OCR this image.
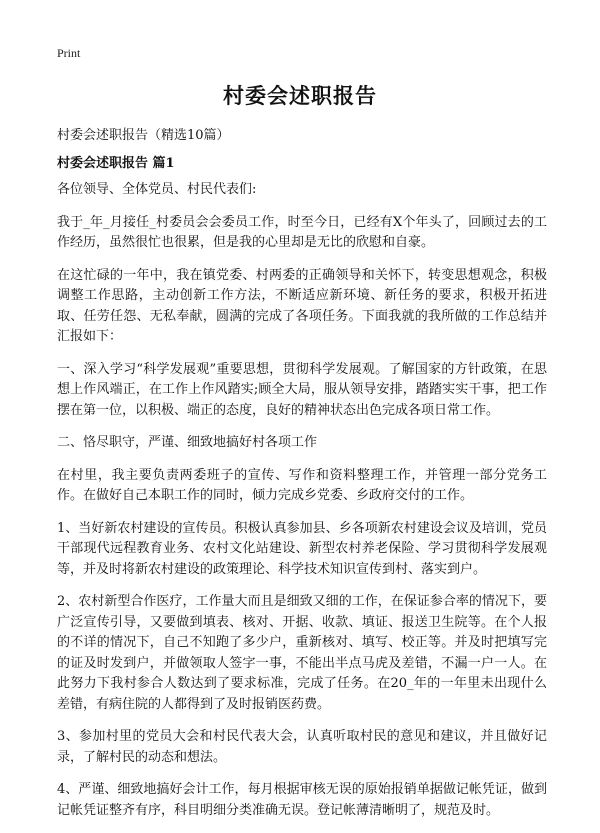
Print
村委会述职报告
村委会述职报告（精选10篇）
村委会述职报告 篇1

各位领导、全体党员、村民代表们:

我于_年_月接任_村委员会会委员工作，时至今日，已经有X个年头了，回顾过去的工作经历，虽然很忙也很累，但是我的心里却是无比的欣慰和自豪。

在这忙碌的一年中，我在镇党委、村两委的正确领导和关怀下，转变思想观念，积极调整工作思路，主动创新工作方法，不断适应新环境、新任务的要求，积极开拓进取、任劳任怨、无私奉献，圆满的完成了各项任务。下面我就的我所做的工作总结并汇报如下：

一、深入学习“科学发展观”重要思想，贯彻科学发展观。了解国家的方针政策，在思想上作风端正，在工作上作风踏实;顾全大局，服从领导安排，踏踏实实干事，把工作摆在第一位，以积极、端正的态度，良好的精神状态出色完成各项日常工作。

二、恪尽职守，严谨、细致地搞好村各项工作

在村里，我主要负责两委班子的宣传、写作和资料整理工作，并管理一部分党务工作。在做好自己本职工作的同时，倾力完成乡党委、乡政府交付的工作。

1、当好新农村建设的宣传员。积极认真参加县、乡各项新农村建设会议及培训，党员干部现代远程教育业务、农村文化站建设、新型农村养老保险、学习贯彻科学发展观等，并及时将新农村建设的政策理论、科学技术知识宣传到村、落实到户。

2、农村新型合作医疗，工作量大而且是细致又细的工作，在保证参合率的情况下，要广泛宣传引导，又要做到填表、核对、开据、收款、填证、报送卫生院等。在个人报的不详的情况下，自己不知跑了多少户，重新核对、填写、校正等。并及时把填写完的证及时发到户，并做领取人签字一事，不能出半点马虎及差错，不漏一户一人。在此努力下我村参合人数达到了要求标准，完成了任务。在20_年的一年里未出现什么差错，有病住院的人都得到了及时报销医药费。

3、参加村里的党员大会和村民代表大会，认真听取村民的意见和建议，并且做好记录，了解村民的动态和想法。

4、严谨、细致地搞好会计工作，每月根据审核无误的原始报销单据做记帐凭证，做到记帐凭证整齐有序，科目明细分类准确无误。登记帐薄清晰明了，规范及时。
